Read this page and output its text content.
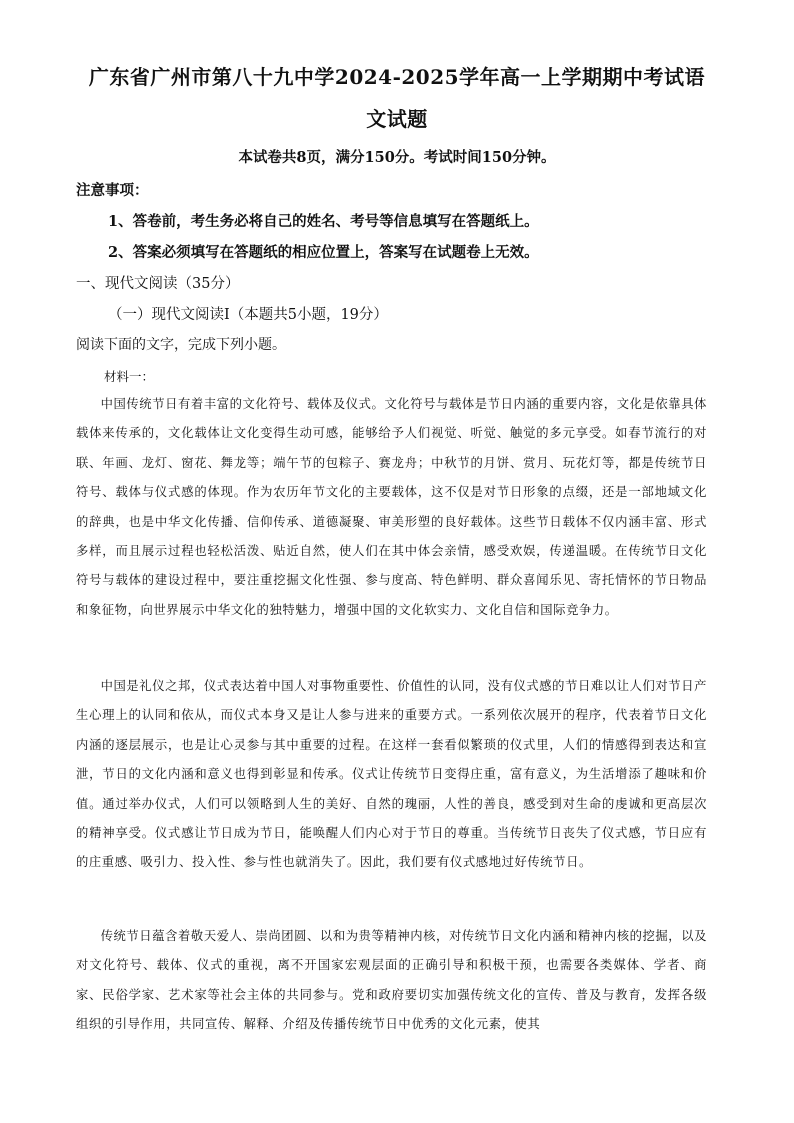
广东省广州市第八十九中学2024-2025学年高一上学期期中考试语
文试题
本试卷共8页，满分150分。考试时间150分钟。
注意事项：
1、答卷前，考生务必将自己的姓名、考号等信息填写在答题纸上。
2、答案必须填写在答题纸的相应位置上，答案写在试题卷上无效。
一、现代文阅读（35分）
（一）现代文阅读Ⅰ（本题共5小题，19分）
阅读下面的文字，完成下列小题。
材料一：

中国传统节日有着丰富的文化符号、载体及仪式。文化符号与载体是节日内涵的重要内容，文化是依靠具体载体来传承的，文化载体让文化变得生动可感，能够给予人们视觉、听觉、触觉的多元享受。如春节流行的对联、年画、龙灯、窗花、舞龙等；端午节的包粽子、赛龙舟；中秋节的月饼、赏月、玩花灯等，都是传统节日符号、载体与仪式感的体现。作为农历年节文化的主要载体，这不仅是对节日形象的点缀，还是一部地域文化的辞典，也是中华文化传播、信仰传承、道德凝聚、审美形塑的良好载体。这些节日载体不仅内涵丰富、形式多样，而且展示过程也轻松活泼、贴近自然，使人们在其中体会亲情，感受欢娱，传递温暖。在传统节日文化符号与载体的建设过程中，要注重挖掘文化性强、参与度高、特色鲜明、群众喜闻乐见、寄托情怀的节日物品和象征物，向世界展示中华文化的独特魅力，增强中国的文化软实力、文化自信和国际竞争力。

中国是礼仪之邦，仪式表达着中国人对事物重要性、价值性的认同，没有仪式感的节日难以让人们对节日产生心理上的认同和依从，而仪式本身又是让人参与进来的重要方式。一系列依次展开的程序，代表着节日文化内涵的逐层展示，也是让心灵参与其中重要的过程。在这样一套看似繁琐的仪式里，人们的情感得到表达和宣泄，节日的文化内涵和意义也得到彰显和传承。仪式让传统节日变得庄重，富有意义，为生活增添了趣味和价值。通过举办仪式，人们可以领略到人生的美好、自然的瑰丽，人性的善良，感受到对生命的虔诚和更高层次的精神享受。仪式感让节日成为节日，能唤醒人们内心对于节日的尊重。当传统节日丧失了仪式感，节日应有的庄重感、吸引力、投入性、参与性也就消失了。因此，我们要有仪式感地过好传统节日。

传统节日蕴含着敬天爱人、崇尚团圆、以和为贵等精神内核，对传统节日文化内涵和精神内核的挖掘，以及对文化符号、载体、仪式的重视，离不开国家宏观层面的正确引导和积极干预，也需要各类媒体、学者、商家、民俗学家、艺术家等社会主体的共同参与。党和政府要切实加强传统文化的宣传、普及与教育，发挥各级组织的引导作用，共同宣传、解释、介绍及传播传统节日中优秀的文化元素，使其
